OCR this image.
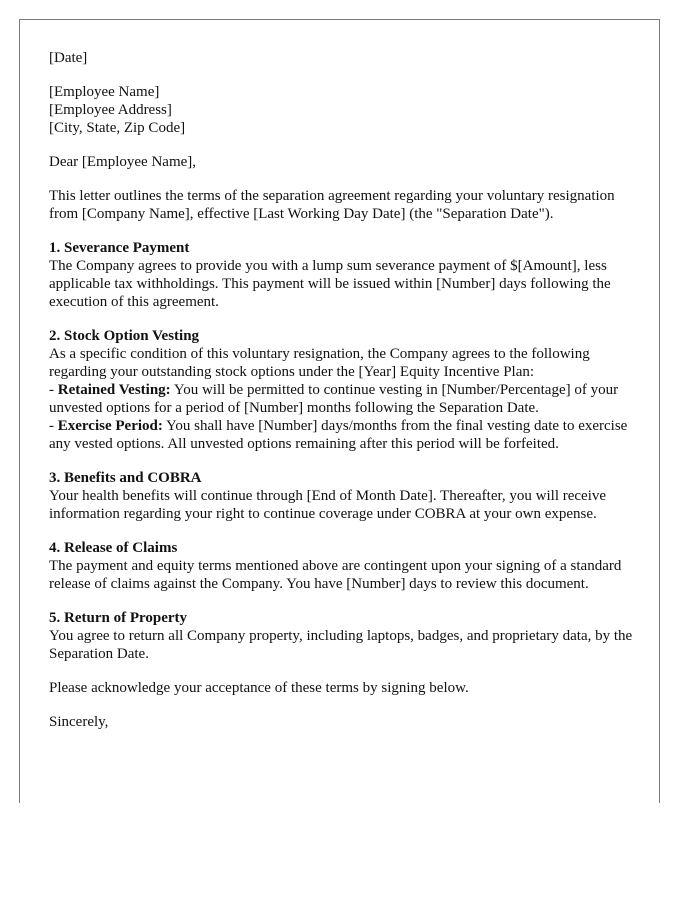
[Date]

[Employee Name]
[Employee Address]
[City, State, Zip Code]

Dear [Employee Name],

This letter outlines the terms of the separation agreement regarding your voluntary resignation from [Company Name], effective [Last Working Day Date] (the "Separation Date").

1. Severance Payment
The Company agrees to provide you with a lump sum severance payment of $[Amount], less applicable tax withholdings. This payment will be issued within [Number] days following the execution of this agreement.
2. Stock Option Vesting
As a specific condition of this voluntary resignation, the Company agrees to the following regarding your outstanding stock options under the [Year] Equity Incentive Plan:
- Retained Vesting: You will be permitted to continue vesting in [Number/Percentage] of your unvested options for a period of [Number] months following the Separation Date.
- Exercise Period: You shall have [Number] days/months from the final vesting date to exercise any vested options. All unvested options remaining after this period will be forfeited.
3. Benefits and COBRA
Your health benefits will continue through [End of Month Date]. Thereafter, you will receive information regarding your right to continue coverage under COBRA at your own expense.
4. Release of Claims
The payment and equity terms mentioned above are contingent upon your signing of a standard release of claims against the Company. You have [Number] days to review this document.
5. Return of Property
You agree to return all Company property, including laptops, badges, and proprietary data, by the Separation Date.

Please acknowledge your acceptance of these terms by signing below.

Sincerely,
